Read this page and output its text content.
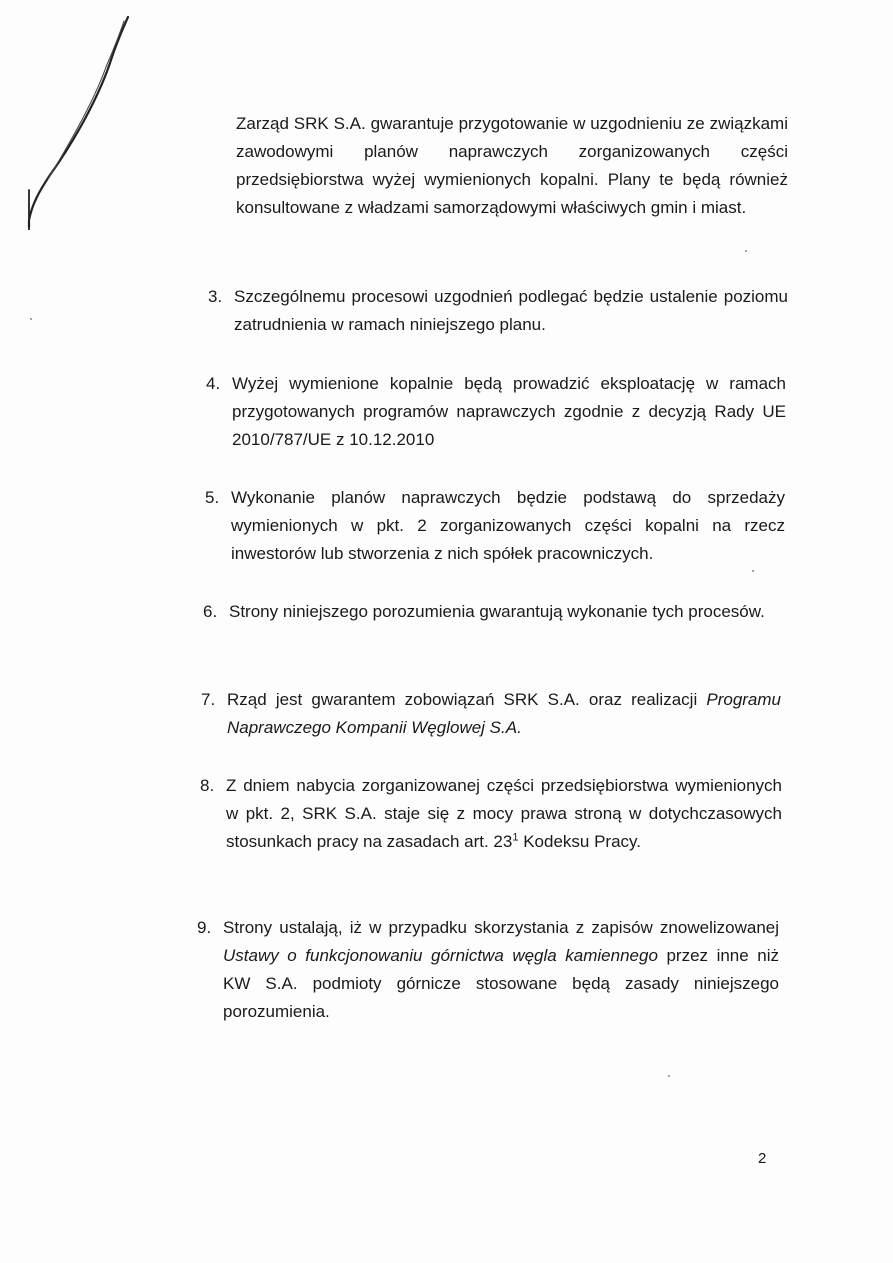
Zarząd SRK S.A. gwarantuje przygotowanie w uzgodnieniu ze związkami zawodowymi planów naprawczych zorganizowanych części przedsiębiorstwa wyżej wymienionych kopalni. Plany te będą również konsultowane z władzami samorządowymi właściwych gmin i miast.
3. Szczególnemu procesowi uzgodnień podlegać będzie ustalenie poziomu zatrudnienia w ramach niniejszego planu.
4. Wyżej wymienione kopalnie będą prowadzić eksploatację w ramach przygotowanych programów naprawczych zgodnie z decyzją Rady UE 2010/787/UE z 10.12.2010
5. Wykonanie planów naprawczych będzie podstawą do sprzedaży wymienionych w pkt. 2 zorganizowanych części kopalni na rzecz inwestorów lub stworzenia z nich spółek pracowniczych.
6. Strony niniejszego porozumienia gwarantują wykonanie tych procesów.
7. Rząd jest gwarantem zobowiązań SRK S.A. oraz realizacji Programu Naprawczego Kompanii Węglowej S.A.
8. Z dniem nabycia zorganizowanej części przedsiębiorstwa wymienionych w pkt. 2, SRK S.A. staje się z mocy prawa stroną w dotychczasowych stosunkach pracy na zasadach art. $23^1$ Kodeksu Pracy.
9. Strony ustalają, iż w przypadku skorzystania z zapisów znowelizowanej Ustawy o funkcjonowaniu górnictwa węgla kamiennego przez inne niż KW S.A. podmioty górnicze stosowane będą zasady niniejszego porozumienia.
2
